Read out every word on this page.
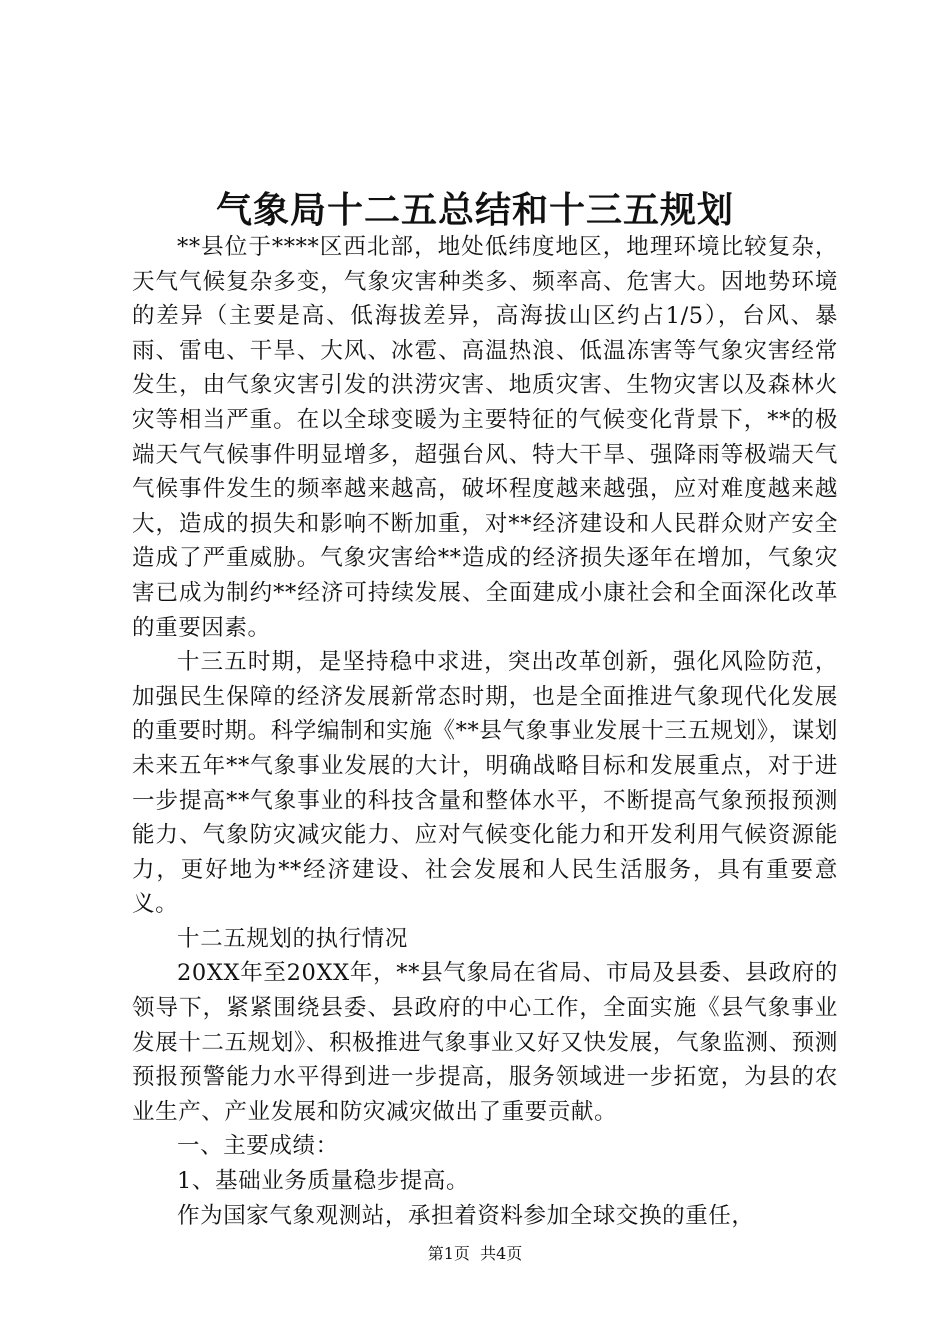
气象局十二五总结和十三五规划

**县位于****区西北部，地处低纬度地区，地理环境比较复杂，天气气候复杂多变，气象灾害种类多、频率高、危害大。因地势环境的差异（主要是高、低海拔差异，高海拔山区约占1/5），台风、暴雨、雷电、干旱、大风、冰雹、高温热浪、低温冻害等气象灾害经常发生，由气象灾害引发的洪涝灾害、地质灾害、生物灾害以及森林火灾等相当严重。在以全球变暖为主要特征的气候变化背景下，**的极端天气气候事件明显增多，超强台风、特大干旱、强降雨等极端天气气候事件发生的频率越来越高，破坏程度越来越强，应对难度越来越大，造成的损失和影响不断加重，对**经济建设和人民群众财产安全造成了严重威胁。气象灾害给**造成的经济损失逐年在增加，气象灾害已成为制约**经济可持续发展、全面建成小康社会和全面深化改革的重要因素。

十三五时期，是坚持稳中求进，突出改革创新，强化风险防范，加强民生保障的经济发展新常态时期，也是全面推进气象现代化发展的重要时期。科学编制和实施《**县气象事业发展十三五规划》，谋划未来五年**气象事业发展的大计，明确战略目标和发展重点，对于进一步提高**气象事业的科技含量和整体水平，不断提高气象预报预测能力、气象防灾减灾能力、应对气候变化能力和开发利用气候资源能力，更好地为**经济建设、社会发展和人民生活服务，具有重要意义。

十二五规划的执行情况

20XX年至20XX年，**县气象局在省局、市局及县委、县政府的领导下，紧紧围绕县委、县政府的中心工作，全面实施《县气象事业发展十二五规划》、积极推进气象事业又好又快发展，气象监测、预测预报预警能力水平得到进一步提高，服务领域进一步拓宽，为县的农业生产、产业发展和防灾减灾做出了重要贡献。

一、主要成绩：

1、基础业务质量稳步提高。

作为国家气象观测站，承担着资料参加全球交换的重任，

第1页 共4页
